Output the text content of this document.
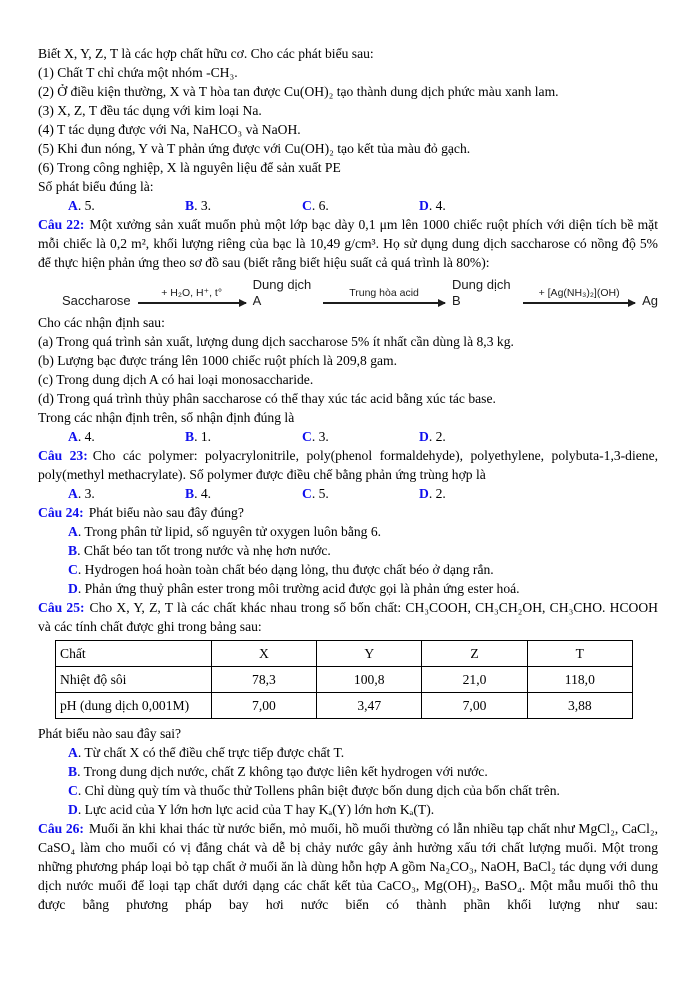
Biết X, Y, Z, T là các hợp chất hữu cơ. Cho các phát biểu sau:

(1) Chất T chỉ chứa một nhóm -CH₃.

(2) Ở điều kiện thường, X và T hòa tan được Cu(OH)₂ tạo thành dung dịch phức màu xanh lam.

(3) X, Z, T đều tác dụng với kim loại Na.

(4) T tác dụng được với Na, NaHCO₃ và NaOH.

(5) Khi đun nóng, Y và T phản ứng được với Cu(OH)₂ tạo kết tủa màu đỏ gạch.

(6) Trong công nghiệp, X là nguyên liệu để sản xuất PE

Số phát biểu đúng là:

A. 5.	B. 3.	C. 6.	D. 4.

Câu 22: Một xưởng sản xuất muốn phủ một lớp bạc dày 0,1 μm lên 1000 chiếc ruột phích với diện tích bề mặt mỗi chiếc là 0,2 m², khối lượng riêng của bạc là 10,49 g/cm³. Họ sử dụng dung dịch saccharose có nồng độ 5% để thực hiện phản ứng theo sơ đồ sau (biết rằng biết hiệu suất cả quá trình là 80%):

Saccharose	+ H₂O, H⁺, t°
Dung dịch A	Trung hòa acid
Dung dịch B	+ [Ag(NH₃)₂](OH) Ag

Cho các nhận định sau:

(a) Trong quá trình sản xuất, lượng dung dịch saccharose 5% ít nhất cần dùng là 8,3 kg.

(b) Lượng bạc được tráng lên 1000 chiếc ruột phích là 209,8 gam.

(c) Trong dung dịch A có hai loại monosaccharide.

(d) Trong quá trình thủy phân saccharose có thể thay xúc tác acid bằng xúc tác base.

Trong các nhận định trên, số nhận định đúng là

A. 4.	B. 1.	C. 3.	D. 2.

Câu 23: Cho các polymer: polyacrylonitrile, poly(phenol formaldehyde), polyethylene, polybuta-1,3-diene, poly(methyl methacrylate). Số polymer được điều chế bằng phản ứng trùng hợp là

A. 3.	B. 4.	C. 5.	D. 2.

Câu 24: Phát biểu nào sau đây đúng?

A. Trong phân tử lipid, số nguyên tử oxygen luôn bằng 6.

B. Chất béo tan tốt trong nước và nhẹ hơn nước.

C. Hydrogen hoá hoàn toàn chất béo dạng lỏng, thu được chất béo ở dạng rắn.

D. Phản ứng thuỷ phân ester trong môi trường acid được gọi là phản ứng ester hoá.

Câu 25: Cho X, Y, Z, T là các chất khác nhau trong số bốn chất: CH₃COOH, CH₃CH₂OH, CH₃CHO. HCOOH và các tính chất được ghi trong bảng sau:

Chất	X	Y	Z	T
Nhiệt độ sôi	78,3	100,8	21,0	118,0
pH (dung dịch 0,001M)	7,00	3,47	7,00	3,88

Phát biểu nào sau đây sai?

A. Từ chất X có thể điều chế trực tiếp được chất T.

B. Trong dung dịch nước, chất Z không tạo được liên kết hydrogen với nước.

C. Chỉ dùng quỳ tím và thuốc thử Tollens phân biệt được bốn dung dịch của bốn chất trên.

D. Lực acid của Y lớn hơn lực acid của T hay Kₐ(Y) lớn hơn Kₐ(T).

Câu 26: Muối ăn khi khai thác từ nước biển, mỏ muối, hồ muối thường có lẫn nhiều tạp chất như MgCl₂, CaCl₂, CaSO₄ làm cho muối có vị đắng chát và dễ bị chảy nước gây ảnh hưởng xấu tới chất lượng muối. Một trong những phương pháp loại bỏ tạp chất ở muối ăn là dùng hỗn hợp A gồm Na₂CO₃, NaOH, BaCl₂ tác dụng với dung dịch nước muối để loại tạp chất dưới dạng các chất kết tủa CaCO₃, Mg(OH)₂, BaSO₄. Một mẫu muối thô thu được bằng phương pháp bay hơi nước biển có thành phần khối lượng như sau:
